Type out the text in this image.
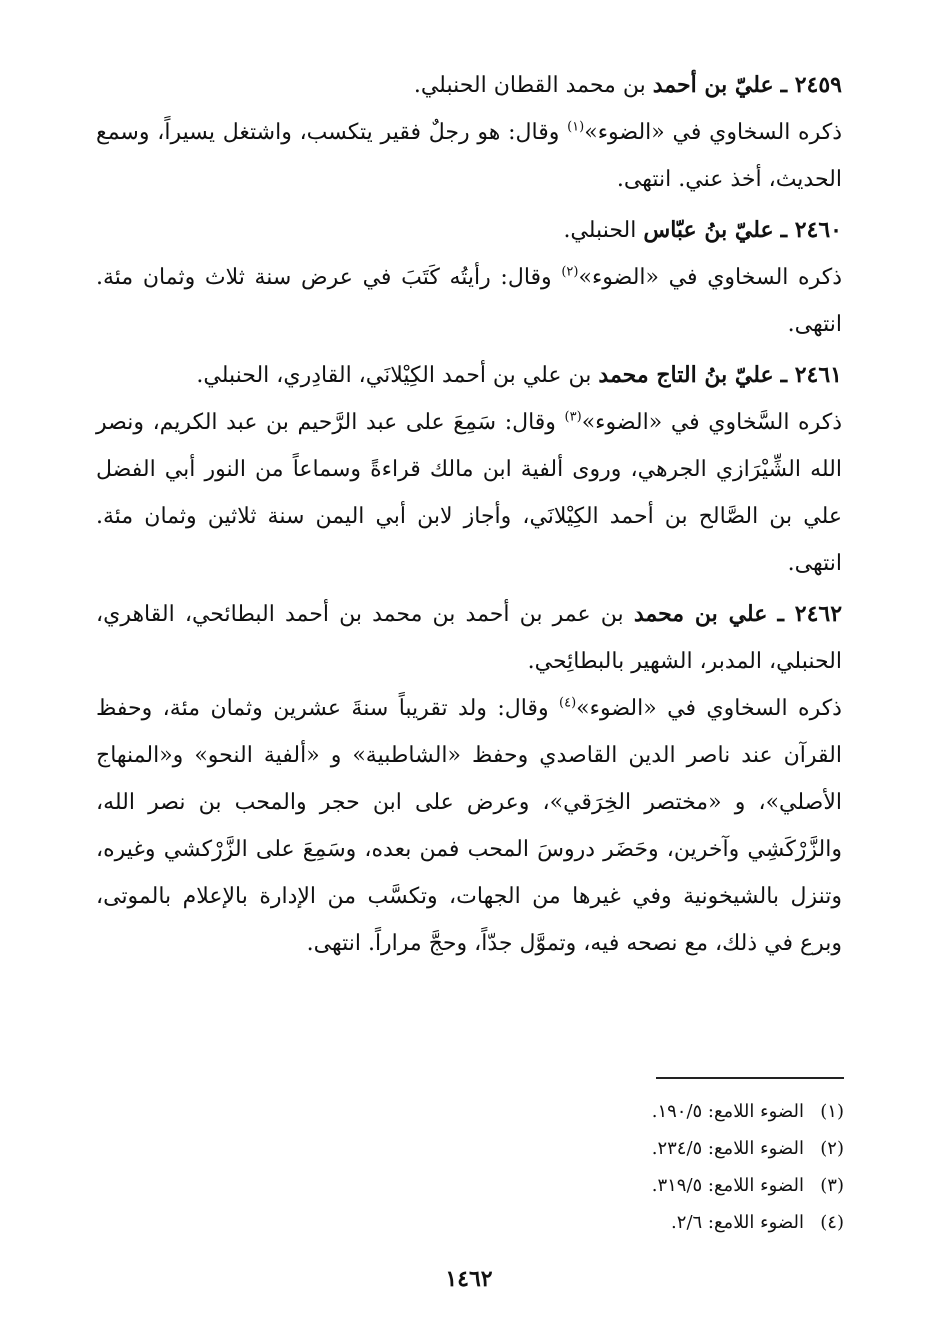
٢٤٥٩ ـ عليّ بن أحمد بن محمد القطان الحنبلي.

ذكره السخاوي في «الضوء»$^{(١)}$ وقال: هو رجلٌ فقير يتكسب، واشتغل يسيراً، وسمع الحديث، أخذ عني. انتهى.

٢٤٦٠ ـ عليّ بنُ عبّاس الحنبلي.

ذكره السخاوي في «الضوء»$^{(٢)}$ وقال: رأيتُه كَتَبَ في عرض سنة ثلاث وثمان مئة. انتهى.

٢٤٦١ ـ عليّ بنُ التاج محمد بن علي بن أحمد الكِيْلانَي، القادِري، الحنبلي.

ذكره السَّخاوي في «الضوء»$^{(٣)}$ وقال: سَمِعَ على عبد الرَّحيم بن عبد الكريم، ونصر الله الشِّيْرَازي الجرهي، وروى ألفية ابن مالك قراءةً وسماعاً من النور أبي الفضل علي بن الصَّالح بن أحمد الكِيْلانَي، وأجاز لابن أبي اليمن سنة ثلاثين وثمان مئة. انتهى.

٢٤٦٢ ـ علي بن محمد بن عمر بن أحمد بن محمد بن أحمد البطائحي، القاهري، الحنبلي، المدبر، الشهير بالبطائِحي.

ذكره السخاوي في «الضوء»$^{(٤)}$ وقال: ولد تقريباً سنةَ عشرين وثمان مئة، وحفظ القرآن عند ناصر الدين القاصدي وحفظ «الشاطبية» و «ألفية النحو» و«المنهاج الأصلي»، و «مختصر الخِرَقي»، وعرض على ابن حجر والمحب بن نصر الله، والزَّرْكَشِي وآخرين، وحَضَر دروسَ المحب فمن بعده، وسَمِعَ على الزَّرْكشي وغيره، وتنزل بالشيخونية وفي غيرها من الجهات، وتكسَّب من الإدارة بالإعلام بالموتى، وبرع في ذلك، مع نصحه فيه، وتموَّل جدّاً، وحجَّ مراراً. انتهى.

(١)
الضوء اللامع: ١٩٠/٥.
(٢)
الضوء اللامع: ٢٣٤/٥.
(٣)
الضوء اللامع: ٣١٩/٥.
(٤)
الضوء اللامع: ٢/٦.
١٤٦٢
